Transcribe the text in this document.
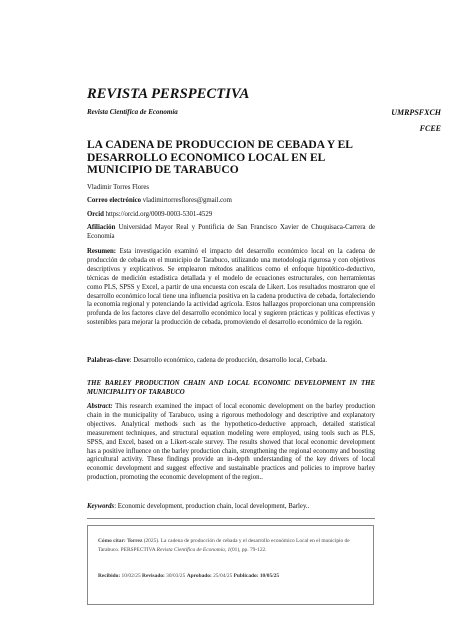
REVISTA PERSPECTIVA
Revista Científica de Economía	UMRPSFXCH
FCEE
LA CADENA DE PRODUCCION DE CEBADA Y EL DESARROLLO ECONOMICO LOCAL EN EL MUNICIPIO DE TARABUCO
Vladimir Torres Flores
Correo electrónico vladimirtorresflores@gmail.com
Orcid https://orcid.org/0009-0003-5301-4529
Afiliación Universidad Mayor Real y Pontificia de San Francisco Xavier de Chuquisaca-Carrera de Economía
Resumen: Esta investigación examinó el impacto del desarrollo económico local en la cadena de producción de cebada en el municipio de Tarabuco, utilizando una metodología rigurosa y con objetivos descriptivos y explicativos. Se emplearon métodos analíticos como el enfoque hipotético-deductivo, técnicas de medición estadística detallada y el modelo de ecuaciones estructurales, con herramientas como PLS, SPSS y Excel, a partir de una encuesta con escala de Likert. Los resultados mostraron que el desarrollo económico local tiene una influencia positiva en la cadena productiva de cebada, fortaleciendo la economía regional y potenciando la actividad agrícola. Estos hallazgos proporcionan una comprensión profunda de los factores clave del desarrollo económico local y sugieren prácticas y políticas efectivas y sostenibles para mejorar la producción de cebada, promoviendo el desarrollo económico de la región.
Palabras-clave: Desarrollo económico, cadena de producción, desarrollo local, Cebada.
THE BARLEY PRODUCTION CHAIN AND LOCAL ECONOMIC DEVELOPMENT IN THE MUNICIPALITY OF TARABUCO
Abstract: This research examined the impact of local economic development on the barley production chain in the municipality of Tarabuco, using a rigorous methodology and descriptive and explanatory objectives. Analytical methods such as the hypothetico-deductive approach, detailed statistical measurement techniques, and structural equation modeling were employed, using tools such as PLS, SPSS, and Excel, based on a Likert-scale survey. The results showed that local economic development has a positive influence on the barley production chain, strengthening the regional economy and boosting agricultural activity. These findings provide an in-depth understanding of the key drivers of local economic development and suggest effective and sustainable practices and policies to improve barley production, promoting the economic development of the region..
Keywords: Economic development, production chain, local development, Barley..
Cómo citar: Torrez (2025). La cadena de producción de cebada y el desarrollo económico Local en el municipio de Tarabuco. PERSPECTIVA Revista Científica de Economía, 1(01), pp. 79-122.
Recibido: 10/02/25 Revisado: 30/03/25 Aprobado: 25/04/25 Publicado: 10/05/25
